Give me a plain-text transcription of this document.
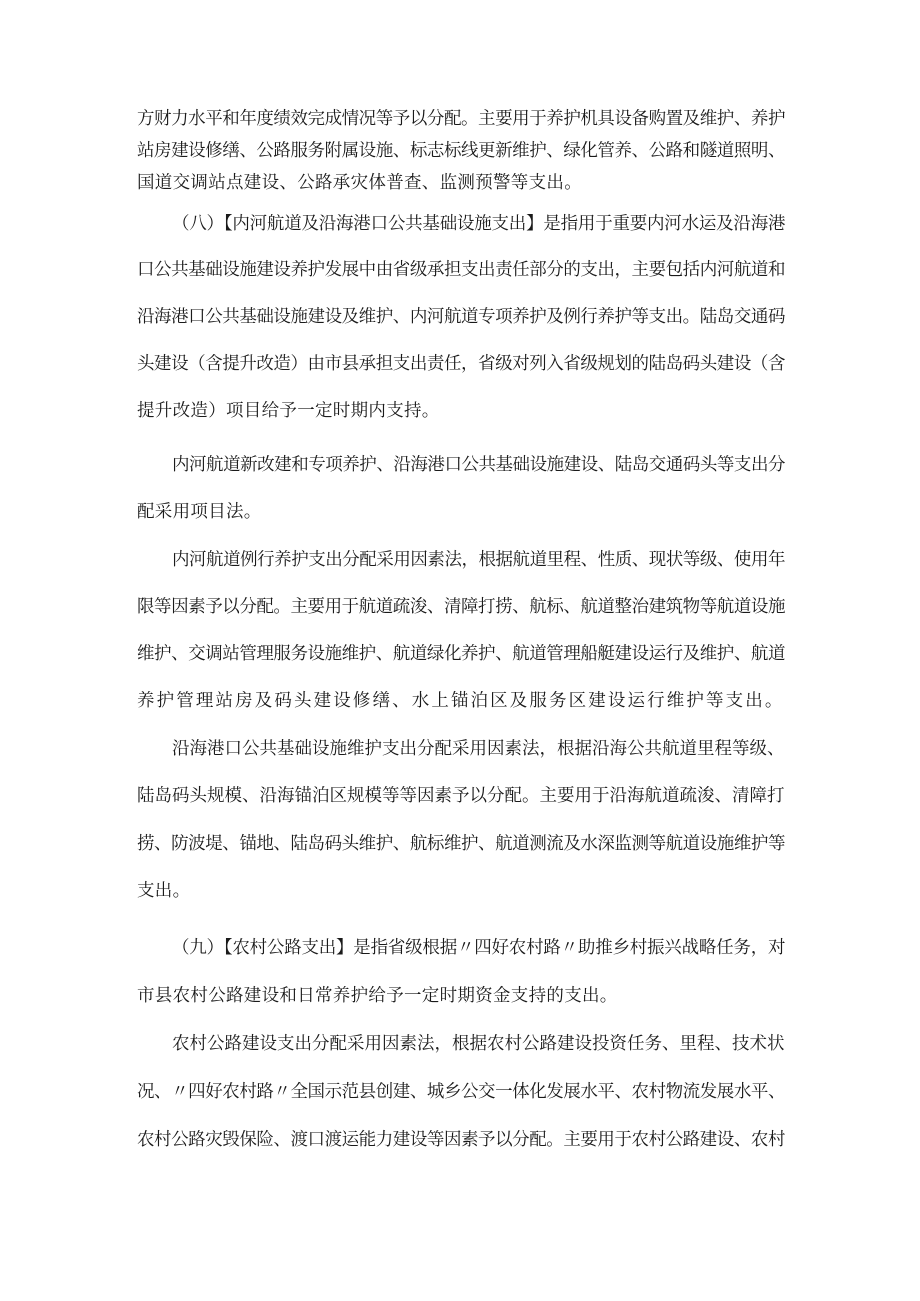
方财力水平和年度绩效完成情况等予以分配。主要用于养护机具设备购置及维护、养护

站房建设修缮、公路服务附属设施、标志标线更新维护、绿化管养、公路和隧道照明、

国道交调站点建设、公路承灾体普查、监测预警等支出。

（八）【内河航道及沿海港口公共基础设施支出】是指用于重要内河水运及沿海港

口公共基础设施建设养护发展中由省级承担支出责任部分的支出，主要包括内河航道和

沿海港口公共基础设施建设及维护、内河航道专项养护及例行养护等支出。陆岛交通码

头建设（含提升改造）由市县承担支出责任，省级对列入省级规划的陆岛码头建设（含

提升改造）项目给予一定时期内支持。

内河航道新改建和专项养护、沿海港口公共基础设施建设、陆岛交通码头等支出分

配采用项目法。

内河航道例行养护支出分配采用因素法，根据航道里程、性质、现状等级、使用年

限等因素予以分配。主要用于航道疏浚、清障打捞、航标、航道整治建筑物等航道设施

维护、交调站管理服务设施维护、航道绿化养护、航道管理船艇建设运行及维护、航道

养护管理站房及码头建设修缮、水上锚泊区及服务区建设运行维护等支出。

沿海港口公共基础设施维护支出分配采用因素法，根据沿海公共航道里程等级、

陆岛码头规模、沿海锚泊区规模等等因素予以分配。主要用于沿海航道疏浚、清障打

捞、防波堤、锚地、陆岛码头维护、航标维护、航道测流及水深监测等航道设施维护等

支出。

（九）【农村公路支出】是指省级根据〃四好农村路〃助推乡村振兴战略任务，对

市县农村公路建设和日常养护给予一定时期资金支持的支出。

农村公路建设支出分配采用因素法，根据农村公路建设投资任务、里程、技术状

况、〃四好农村路〃全国示范县创建、城乡公交一体化发展水平、农村物流发展水平、

农村公路灾毁保险、渡口渡运能力建设等因素予以分配。主要用于农村公路建设、农村
